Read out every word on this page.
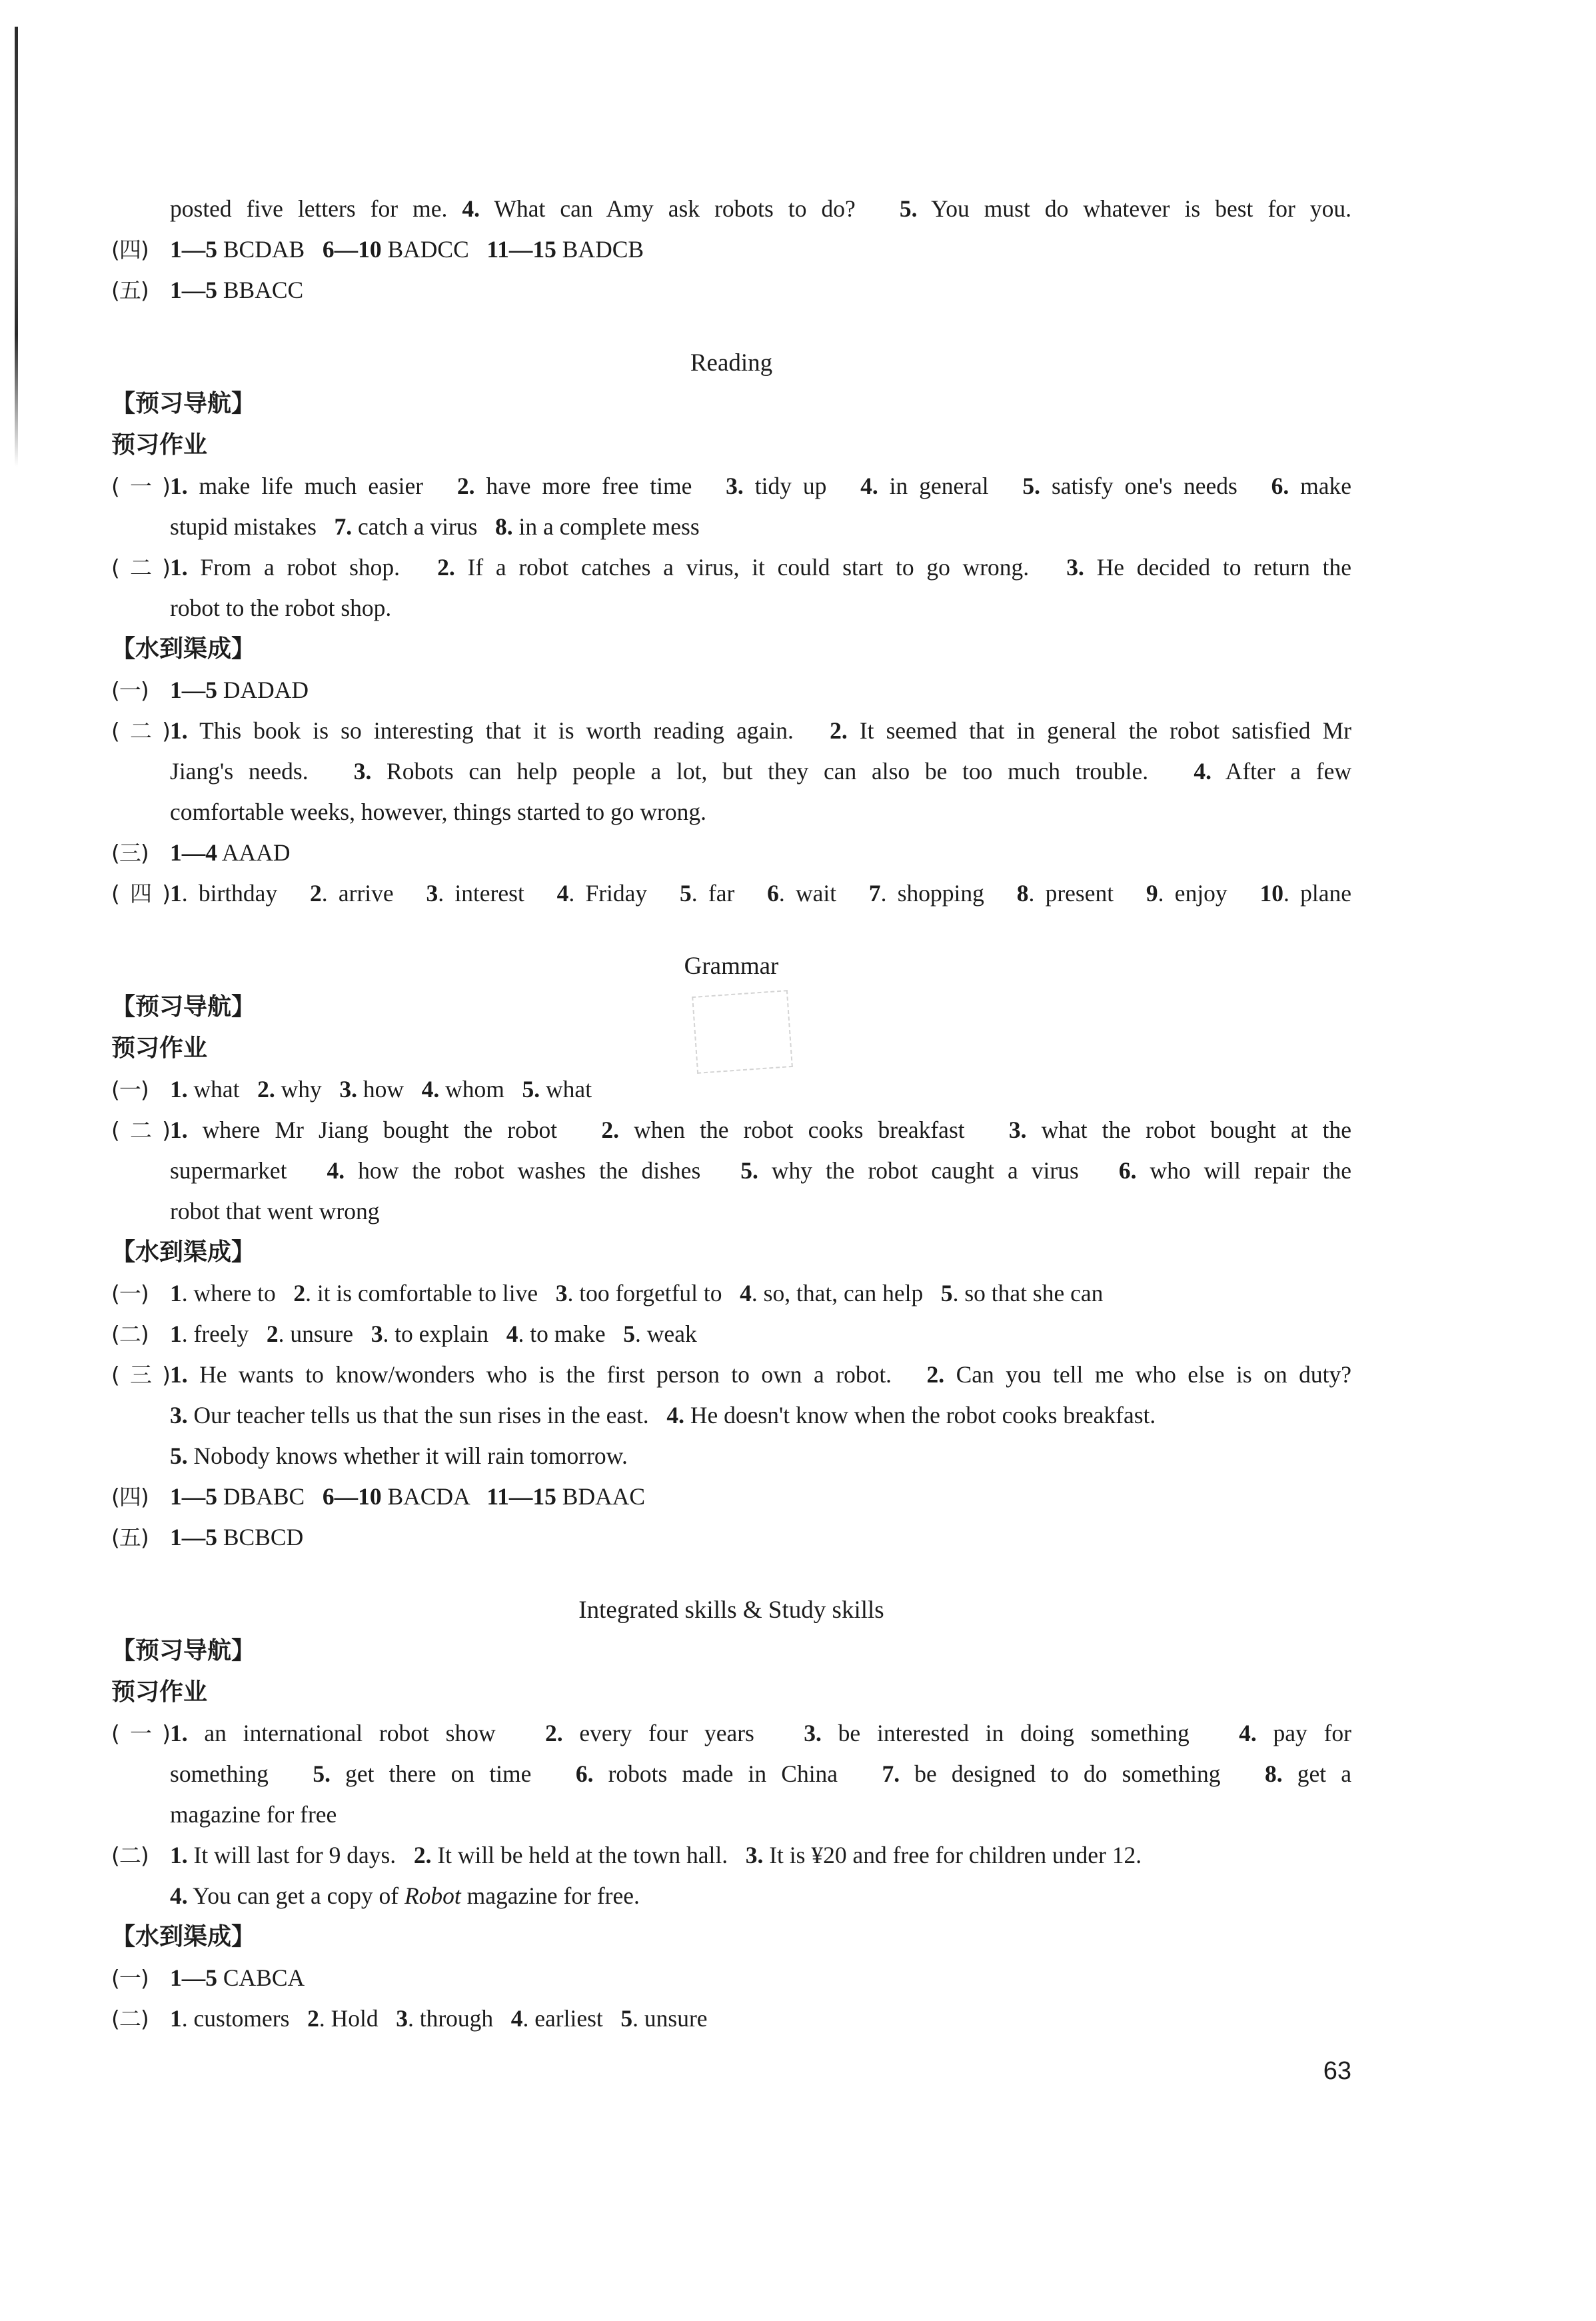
posted five letters for me. 4. What can Amy ask robots to do?   5. You must do whatever is best for you.
(四) 1—5 BCDAB   6—10 BADCC   11—15 BADCB
(五) 1—5 BBACC
Reading
【预习导航】
预习作业
(一)1. make life much easier   2. have more free time   3. tidy up   4. in general   5. satisfy one's needs   6. make
stupid mistakes   7. catch a virus   8. in a complete mess
(二)1. From a robot shop.   2. If a robot catches a virus, it could start to go wrong.   3. He decided to return the
robot to the robot shop.
【水到渠成】
(一) 1—5 DADAD
(二)1. This book is so interesting that it is worth reading again.   2. It seemed that in general the robot satisfied Mr
Jiang's needs.   3. Robots can help people a lot, but they can also be too much trouble.   4. After a few
comfortable weeks, however, things started to go wrong.
(三) 1—4 AAAD
(四)1. birthday   2. arrive   3. interest   4. Friday   5. far   6. wait   7. shopping   8. present   9. enjoy   10. plane
Grammar
【预习导航】
预习作业
(一) 1. what   2. why   3. how   4. whom   5. what
(二)1. where Mr Jiang bought the robot   2. when the robot cooks breakfast   3. what the robot bought at the
supermarket   4. how the robot washes the dishes   5. why the robot caught a virus   6. who will repair the
robot that went wrong
【水到渠成】
(一) 1. where to   2. it is comfortable to live   3. too forgetful to   4. so, that, can help   5. so that she can
(二) 1. freely   2. unsure   3. to explain   4. to make   5. weak
(三)1. He wants to know/wonders who is the first person to own a robot.   2. Can you tell me who else is on duty?
3. Our teacher tells us that the sun rises in the east.   4. He doesn't know when the robot cooks breakfast.
5. Nobody knows whether it will rain tomorrow.
(四) 1—5 DBABC   6—10 BACDA   11—15 BDAAC
(五) 1—5 BCBCD
Integrated skills & Study skills
【预习导航】
预习作业
(一)1. an international robot show   2. every four years   3. be interested in doing something   4. pay for
something   5. get there on time   6. robots made in China   7. be designed to do something   8. get a
magazine for free
(二) 1. It will last for 9 days.   2. It will be held at the town hall.   3. It is ¥20 and free for children under 12.
4. You can get a copy of Robot magazine for free.
【水到渠成】
(一) 1—5 CABCA
(二) 1. customers   2. Hold   3. through   4. earliest   5. unsure
63
